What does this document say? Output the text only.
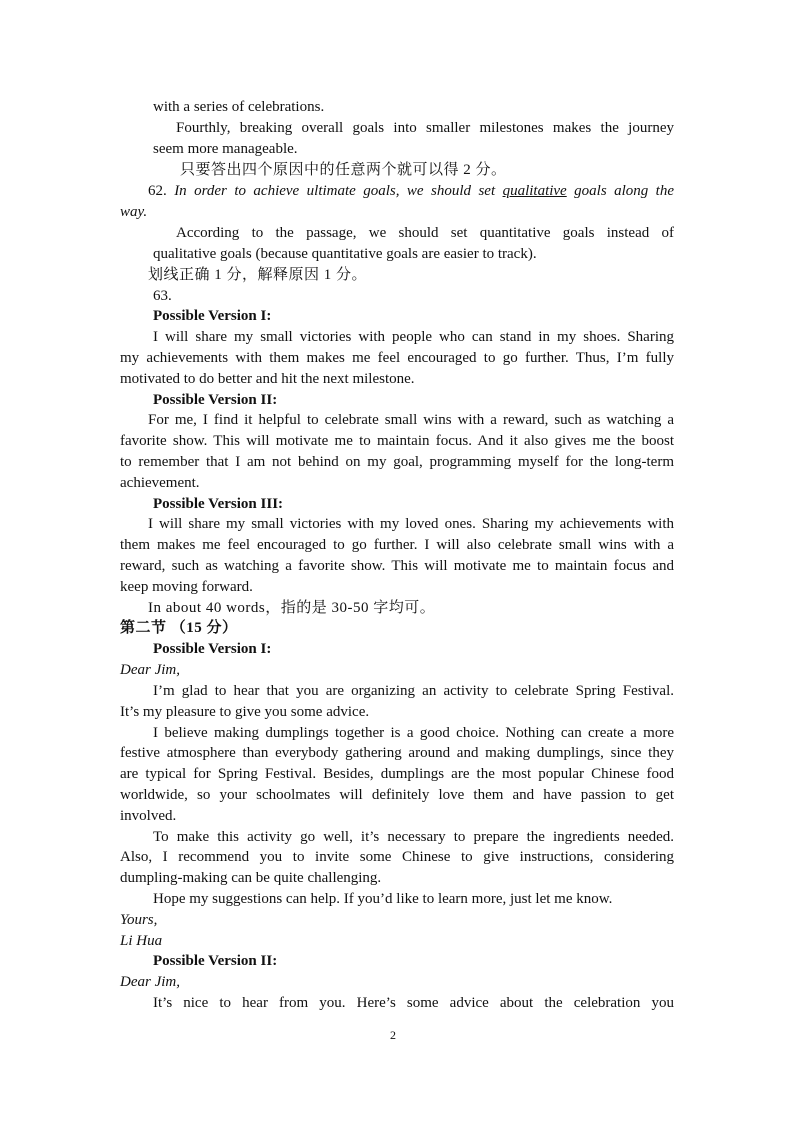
with a series of celebrations.
Fourthly, breaking overall goals into smaller milestones makes the journey
seem more manageable.
只要答出四个原因中的任意两个就可以得 2 分。
62. In order to achieve ultimate goals, we should set qualitative goals along the
way.
According to the passage, we should set quantitative goals instead of
qualitative goals (because quantitative goals are easier to track).
划线正确 1 分，解释原因 1 分。
63.
Possible Version I:
I will share my small victories with people who can stand in my shoes. Sharing
my achievements with them makes me feel encouraged to go further. Thus, I’m fully
motivated to do better and hit the next milestone.
Possible Version II:
For me, I find it helpful to celebrate small wins with a reward, such as watching a
favorite show. This will motivate me to maintain focus. And it also gives me the boost
to remember that I am not behind on my goal, programming myself for the long-term
achievement.
Possible Version III:
I will share my small victories with my loved ones. Sharing my achievements with
them makes me feel encouraged to go further. I will also celebrate small wins with a
reward, such as watching a favorite show. This will motivate me to maintain focus and
keep moving forward.
In about 40 words，指的是 30-50 字均可。
第二节 （15 分）
Possible Version I:
Dear Jim,
I’m glad to hear that you are organizing an activity to celebrate Spring Festival.
It’s my pleasure to give you some advice.
I believe making dumplings together is a good choice. Nothing can create a more
festive atmosphere than everybody gathering around and making dumplings, since they
are typical for Spring Festival. Besides, dumplings are the most popular Chinese food
worldwide, so your schoolmates will definitely love them and have passion to get
involved.
To make this activity go well, it’s necessary to prepare the ingredients needed.
Also, I recommend you to invite some Chinese to give instructions, considering
dumpling-making can be quite challenging.
Hope my suggestions can help. If you’d like to learn more, just let me know.
Yours,
Li Hua
Possible Version II:
Dear Jim,
It’s nice to hear from you. Here’s some advice about the celebration you
2
